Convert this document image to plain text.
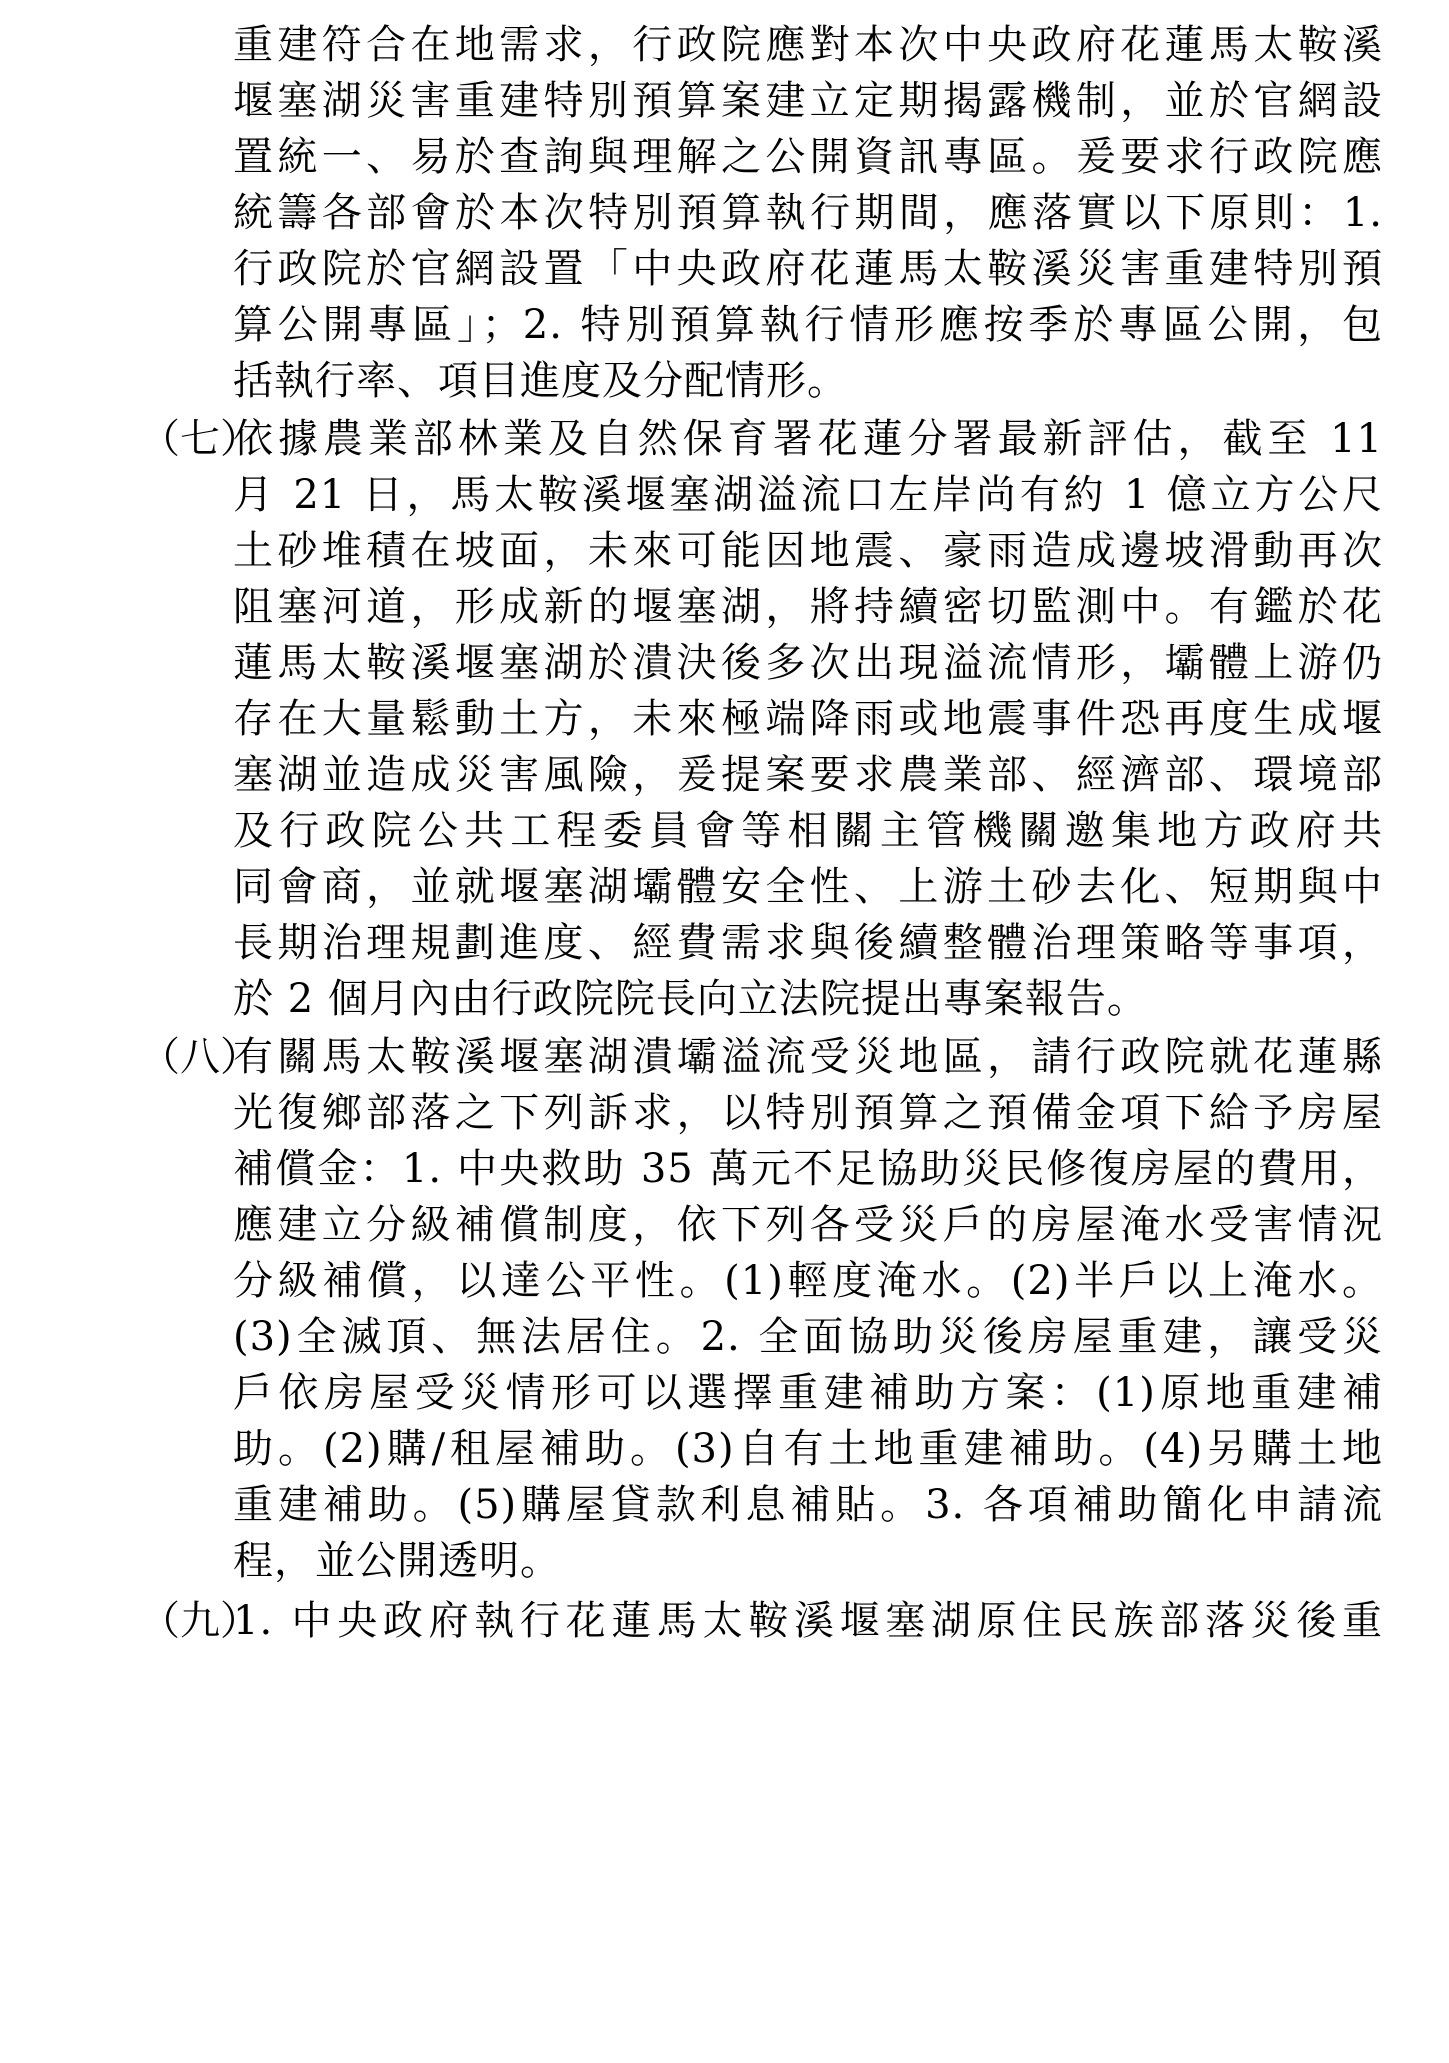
重建符合在地需求，行政院應對本次中央政府花蓮馬太鞍溪
堰塞湖災害重建特別預算案建立定期揭露機制，並於官網設
置統一、易於查詢與理解之公開資訊專區。爰要求行政院應
統籌各部會於本次特別預算執行期間，應落實以下原則：1.
行政院於官網設置「中央政府花蓮馬太鞍溪災害重建特別預
算公開專區」；2. 特別預算執行情形應按季於專區公開，包
括執行率、項目進度及分配情形。
（七）
依據農業部林業及自然保育署花蓮分署最新評估，截至 11
月 21 日，馬太鞍溪堰塞湖溢流口左岸尚有約 1 億立方公尺
土砂堆積在坡面，未來可能因地震、豪雨造成邊坡滑動再次
阻塞河道，形成新的堰塞湖，將持續密切監測中。有鑑於花
蓮馬太鞍溪堰塞湖於潰決後多次出現溢流情形，壩體上游仍
存在大量鬆動土方，未來極端降雨或地震事件恐再度生成堰
塞湖並造成災害風險，爰提案要求農業部、經濟部、環境部
及行政院公共工程委員會等相關主管機關邀集地方政府共
同會商，並就堰塞湖壩體安全性、上游土砂去化、短期與中
長期治理規劃進度、經費需求與後續整體治理策略等事項，
於 2 個月內由行政院院長向立法院提出專案報告。
（八）
有關馬太鞍溪堰塞湖潰壩溢流受災地區，請行政院就花蓮縣
光復鄉部落之下列訴求，以特別預算之預備金項下給予房屋
補償金：1. 中央救助 35 萬元不足協助災民修復房屋的費用，
應建立分級補償制度，依下列各受災戶的房屋淹水受害情況
分級補償，以達公平性。(1)輕度淹水。(2)半戶以上淹水。
(3)全滅頂、無法居住。2. 全面協助災後房屋重建，讓受災
戶依房屋受災情形可以選擇重建補助方案：(1)原地重建補
助。(2)購/租屋補助。(3)自有土地重建補助。(4)另購土地
重建補助。(5)購屋貸款利息補貼。3. 各項補助簡化申請流
程，並公開透明。
（九）
1. 中央政府執行花蓮馬太鞍溪堰塞湖原住民族部落災後重
